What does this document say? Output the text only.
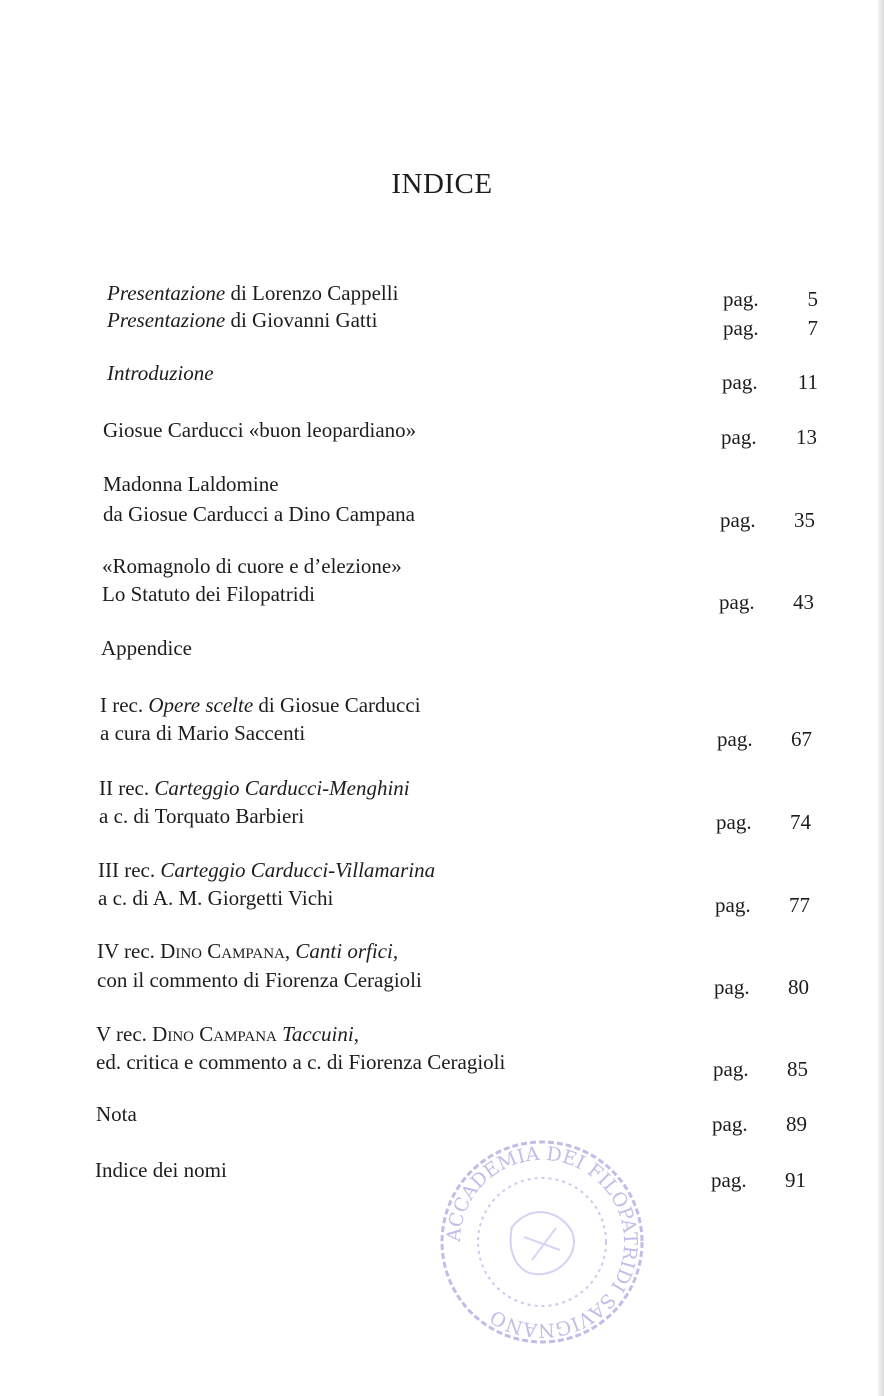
INDICE
Presentazione di Lorenzo Cappelli	pag.	5
Presentazione di Giovanni Gatti	pag.	7
Introduzione	pag.	11
Giosue Carducci «buon leopardiano»	pag.	13
Madonna Laldomine
da Giosue Carducci a Dino Campana	pag.	35
«Romagnolo di cuore e d’elezione»
Lo Statuto dei Filopatridi	pag.	43
Appendice
I rec. Opere scelte di Giosue Carducci
a cura di Mario Saccenti	pag.	67
II rec. Carteggio Carducci-Menghini
a c. di Torquato Barbieri	pag.	74
III rec. Carteggio Carducci-Villamarina
a c. di A. M. Giorgetti Vichi	pag.	77
IV rec. Dino Campana, Canti orfici,
con il commento di Fiorenza Ceragioli	pag.	80
V rec. Dino Campana Taccuini,
ed. critica e commento a c. di Fiorenza Ceragioli	pag.	85
Nota	pag.	89
Indice dei nomi	pag.	91
ACCADEMIA DEI FILOPATRIDI SAVIGNANO
